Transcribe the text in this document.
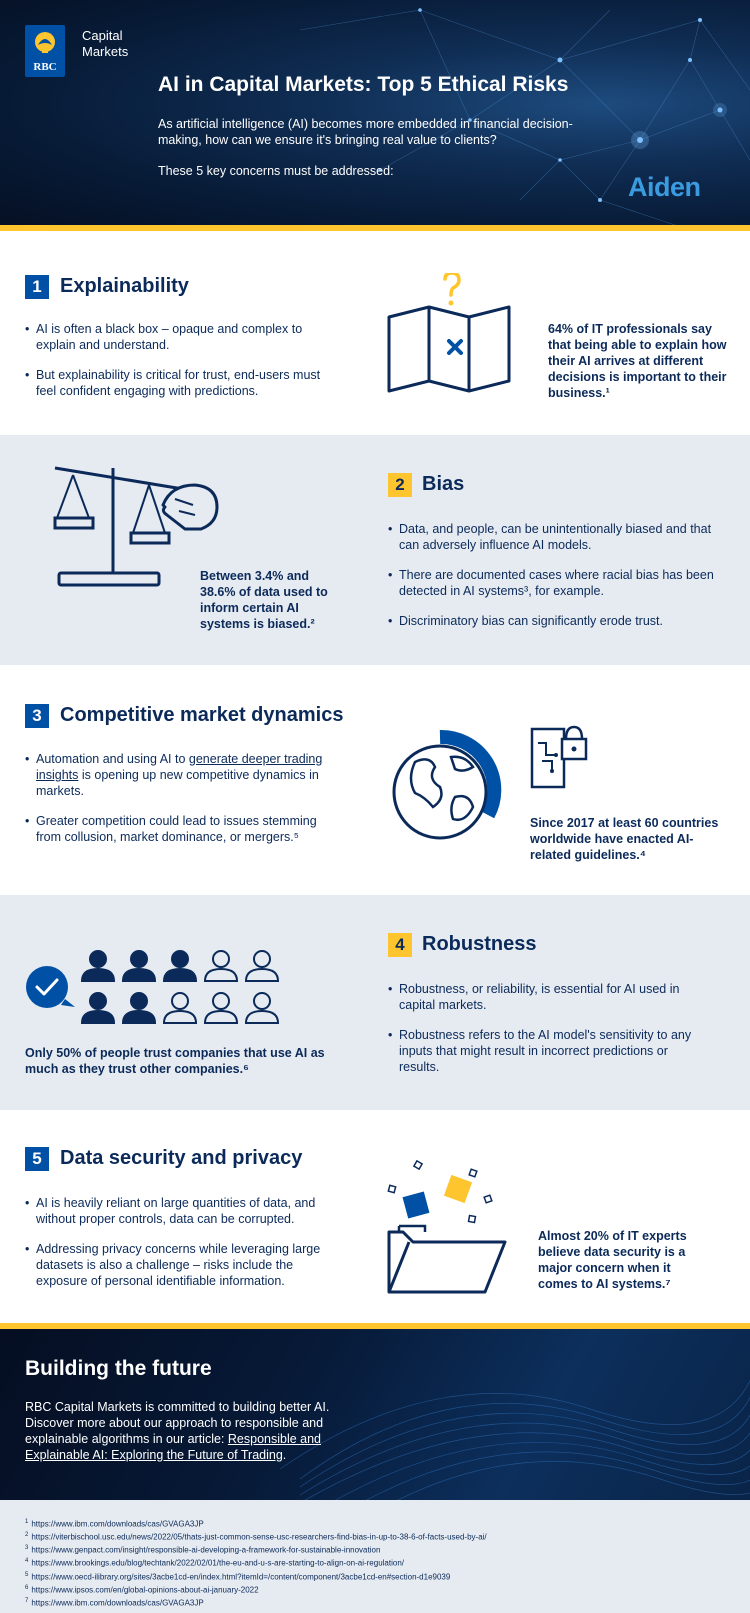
RBC
Capital
Markets
AI in Capital Markets: Top 5 Ethical Risks
As artificial intelligence (AI) becomes more embedded in financial decision-making, how can we ensure it's bringing real value to clients?
These 5 key concerns must be addressed:
Aiden
1 Explainability
• AI is often a black box – opaque and complex to explain and understand.
• But explainability is critical for trust, end-users must feel confident engaging with predictions.
64% of IT professionals say that being able to explain how their AI arrives at different decisions is important to their business.¹
Between 3.4% and 38.6% of data used to inform certain AI systems is biased.²
2 Bias
• Data, and people, can be unintentionally biased and that can adversely influence AI models.
• There are documented cases where racial bias has been detected in AI systems³, for example.
• Discriminatory bias can significantly erode trust.
3 Competitive market dynamics
• Automation and using AI to generate deeper trading insights is opening up new competitive dynamics in markets.
• Greater competition could lead to issues stemming from collusion, market dominance, or mergers.⁵
Since 2017 at least 60 countries worldwide have enacted AI-related guidelines.⁴
Only 50% of people trust companies that use AI as much as they trust other companies.⁶
4 Robustness
• Robustness, or reliability, is essential for AI used in capital markets.
• Robustness refers to the AI model's sensitivity to any inputs that might result in incorrect predictions or results.
5 Data security and privacy
• AI is heavily reliant on large quantities of data, and without proper controls, data can be corrupted.
• Addressing privacy concerns while leveraging large datasets is also a challenge – risks include the exposure of personal identifiable information.
Almost 20% of IT experts believe data security is a major concern when it comes to AI systems.⁷
Building the future
RBC Capital Markets is committed to building better AI. Discover more about our approach to responsible and explainable algorithms in our article: Responsible and Explainable AI: Exploring the Future of Trading.
$^1$ https://www.ibm.com/downloads/cas/GVAGA3JP
$^2$ https://viterbischool.usc.edu/news/2022/05/thats-just-common-sense-usc-researchers-find-bias-in-up-to-38-6-of-facts-used-by-ai/
$^3$ https://www.genpact.com/insight/responsible-ai-developing-a-framework-for-sustainable-innovation
$^4$ https://www.brookings.edu/blog/techtank/2022/02/01/the-eu-and-u-s-are-starting-to-align-on-ai-regulation/
$^5$ https://www.oecd-ilibrary.org/sites/3acbe1cd-en/index.html?itemId=/content/component/3acbe1cd-en#section-d1e9039
$^6$ https://www.ipsos.com/en/global-opinions-about-ai-january-2022
$^7$ https://www.ibm.com/downloads/cas/GVAGA3JP
